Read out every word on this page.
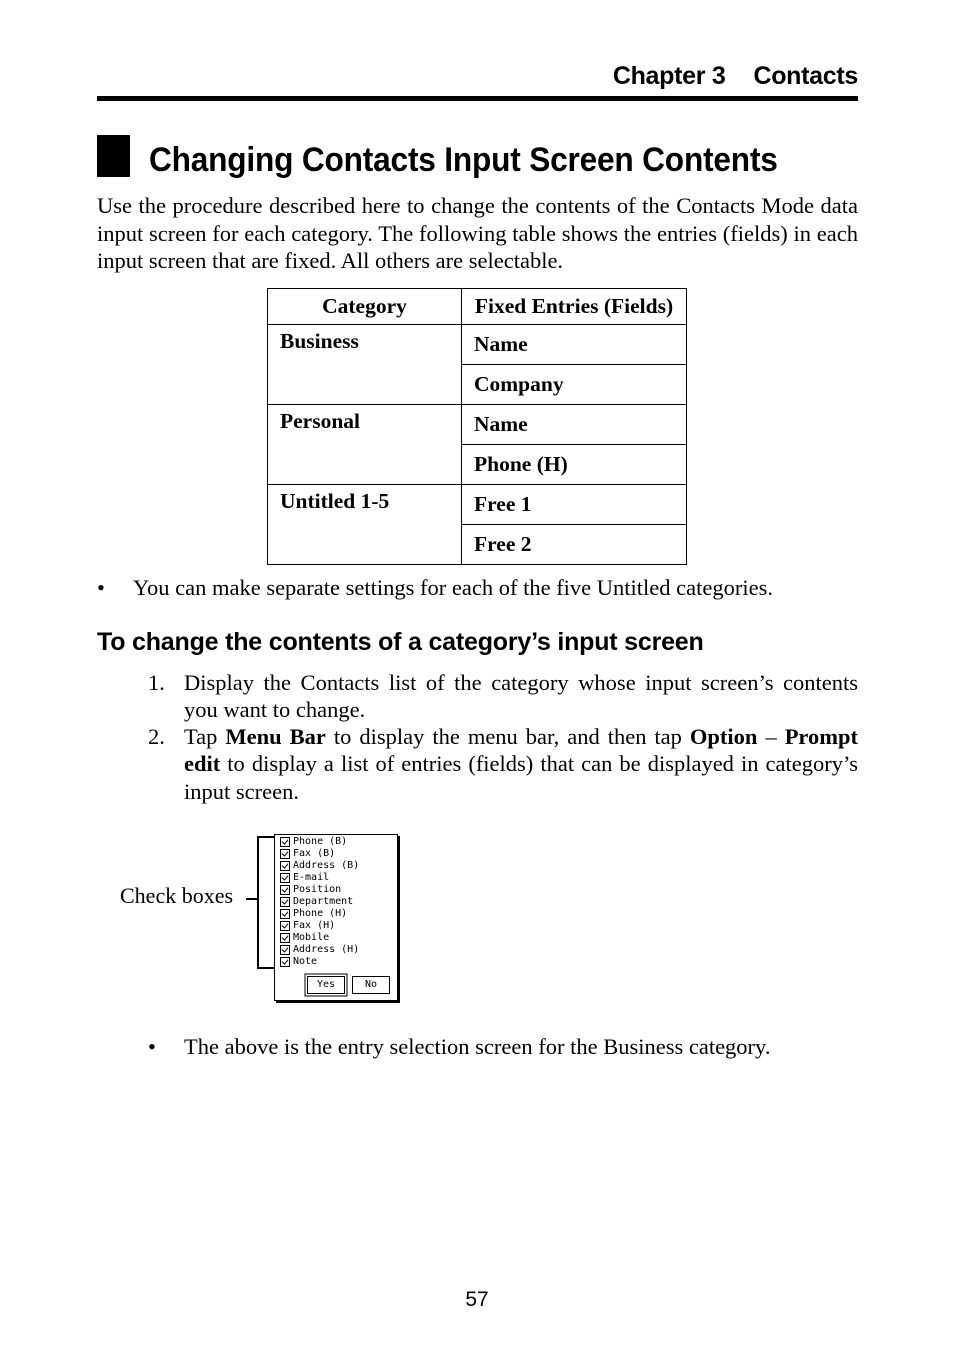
Chapter 3 Contacts
Changing Contacts Input Screen Contents
Use the procedure described here to change the contents of the Contacts Mode data input screen for each category. The following table shows the entries (fields) in each input screen that are fixed. All others are selectable.
Category	Fixed Entries (Fields)
Business	Name
	Company
Personal	Name
	Phone (H)
Untitled 1-5	Free 1
	Free 2
• You can make separate settings for each of the five Untitled categories.
To change the contents of a category’s input screen
1. Display the Contacts list of the category whose input screen’s contents you want to change.
2. Tap Menu Bar to display the menu bar, and then tap Option – Prompt edit to display a list of entries (fields) that can be displayed in category’s input screen.
Check boxes
Phone (B)
Fax (B)
Address (B)
E-mail
Position
Department
Phone (H)
Fax (H)
Mobile
Address (H)
Note
Yes	No
• The above is the entry selection screen for the Business category.
57
